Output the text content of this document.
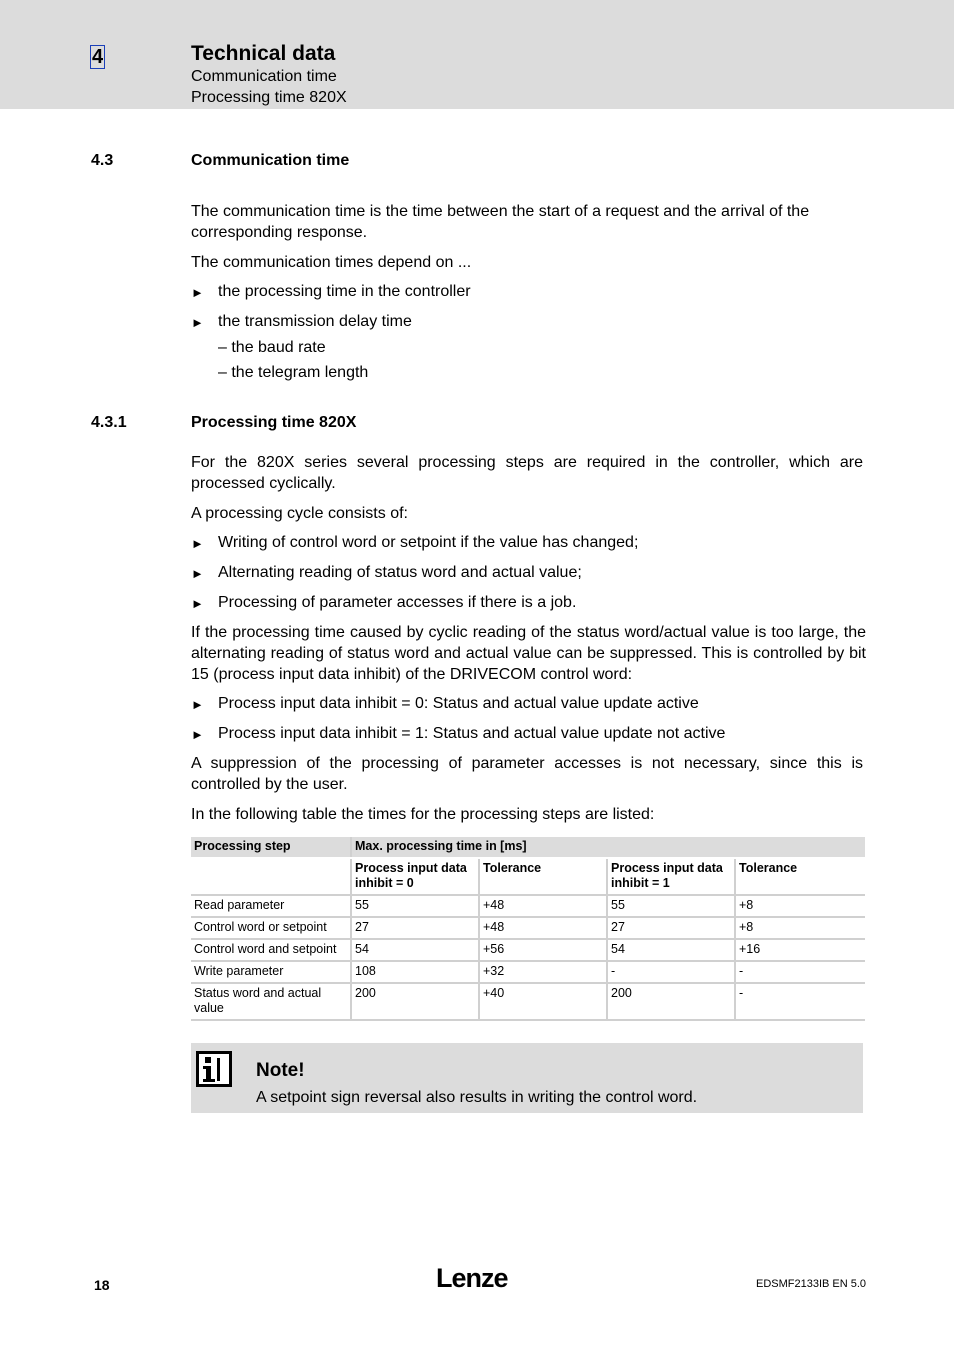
4	Technical data
Communication time
Processing time 820X
4.3	Communication time

The communication time is the time between the start of a request and the arrival of the corresponding response.

The communication times depend on ...

► the processing time in the controller
► the transmission delay time
– the baud rate
– the telegram length
4.3.1	Processing time 820X

For the 820X series several processing steps are required in the controller, which are processed cyclically.

A processing cycle consists of:

► Writing of control word or setpoint if the value has changed;
► Alternating reading of status word and actual value;
► Processing of parameter accesses if there is a job.

If the processing time caused by cyclic reading of the status word/actual value is too large, the alternating reading of status word and actual value can be suppressed. This is controlled by bit 15 (process input data inhibit) of the DRIVECOM control word:

► Process input data inhibit = 0: Status and actual value update active
► Process input data inhibit = 1: Status and actual value update not active

A suppression of the processing of parameter accesses is not necessary, since this is controlled by the user.

In the following table the times for the processing steps are listed:

Processing step	Max. processing time in [ms]			
	Process input data inhibit = 0	Tolerance	Process input data inhibit = 1	Tolerance
Read parameter	55	+48	55	+8
Control word or setpoint	27	+48	27	+8
Control word and setpoint	54	+56	54	+16
Write parameter	108	+32	-	-
Status word and actual value	200	+40	200	-
Note!
A setpoint sign reversal also results in writing the control word.
18	Lenze	EDSMF2133IB EN 5.0
